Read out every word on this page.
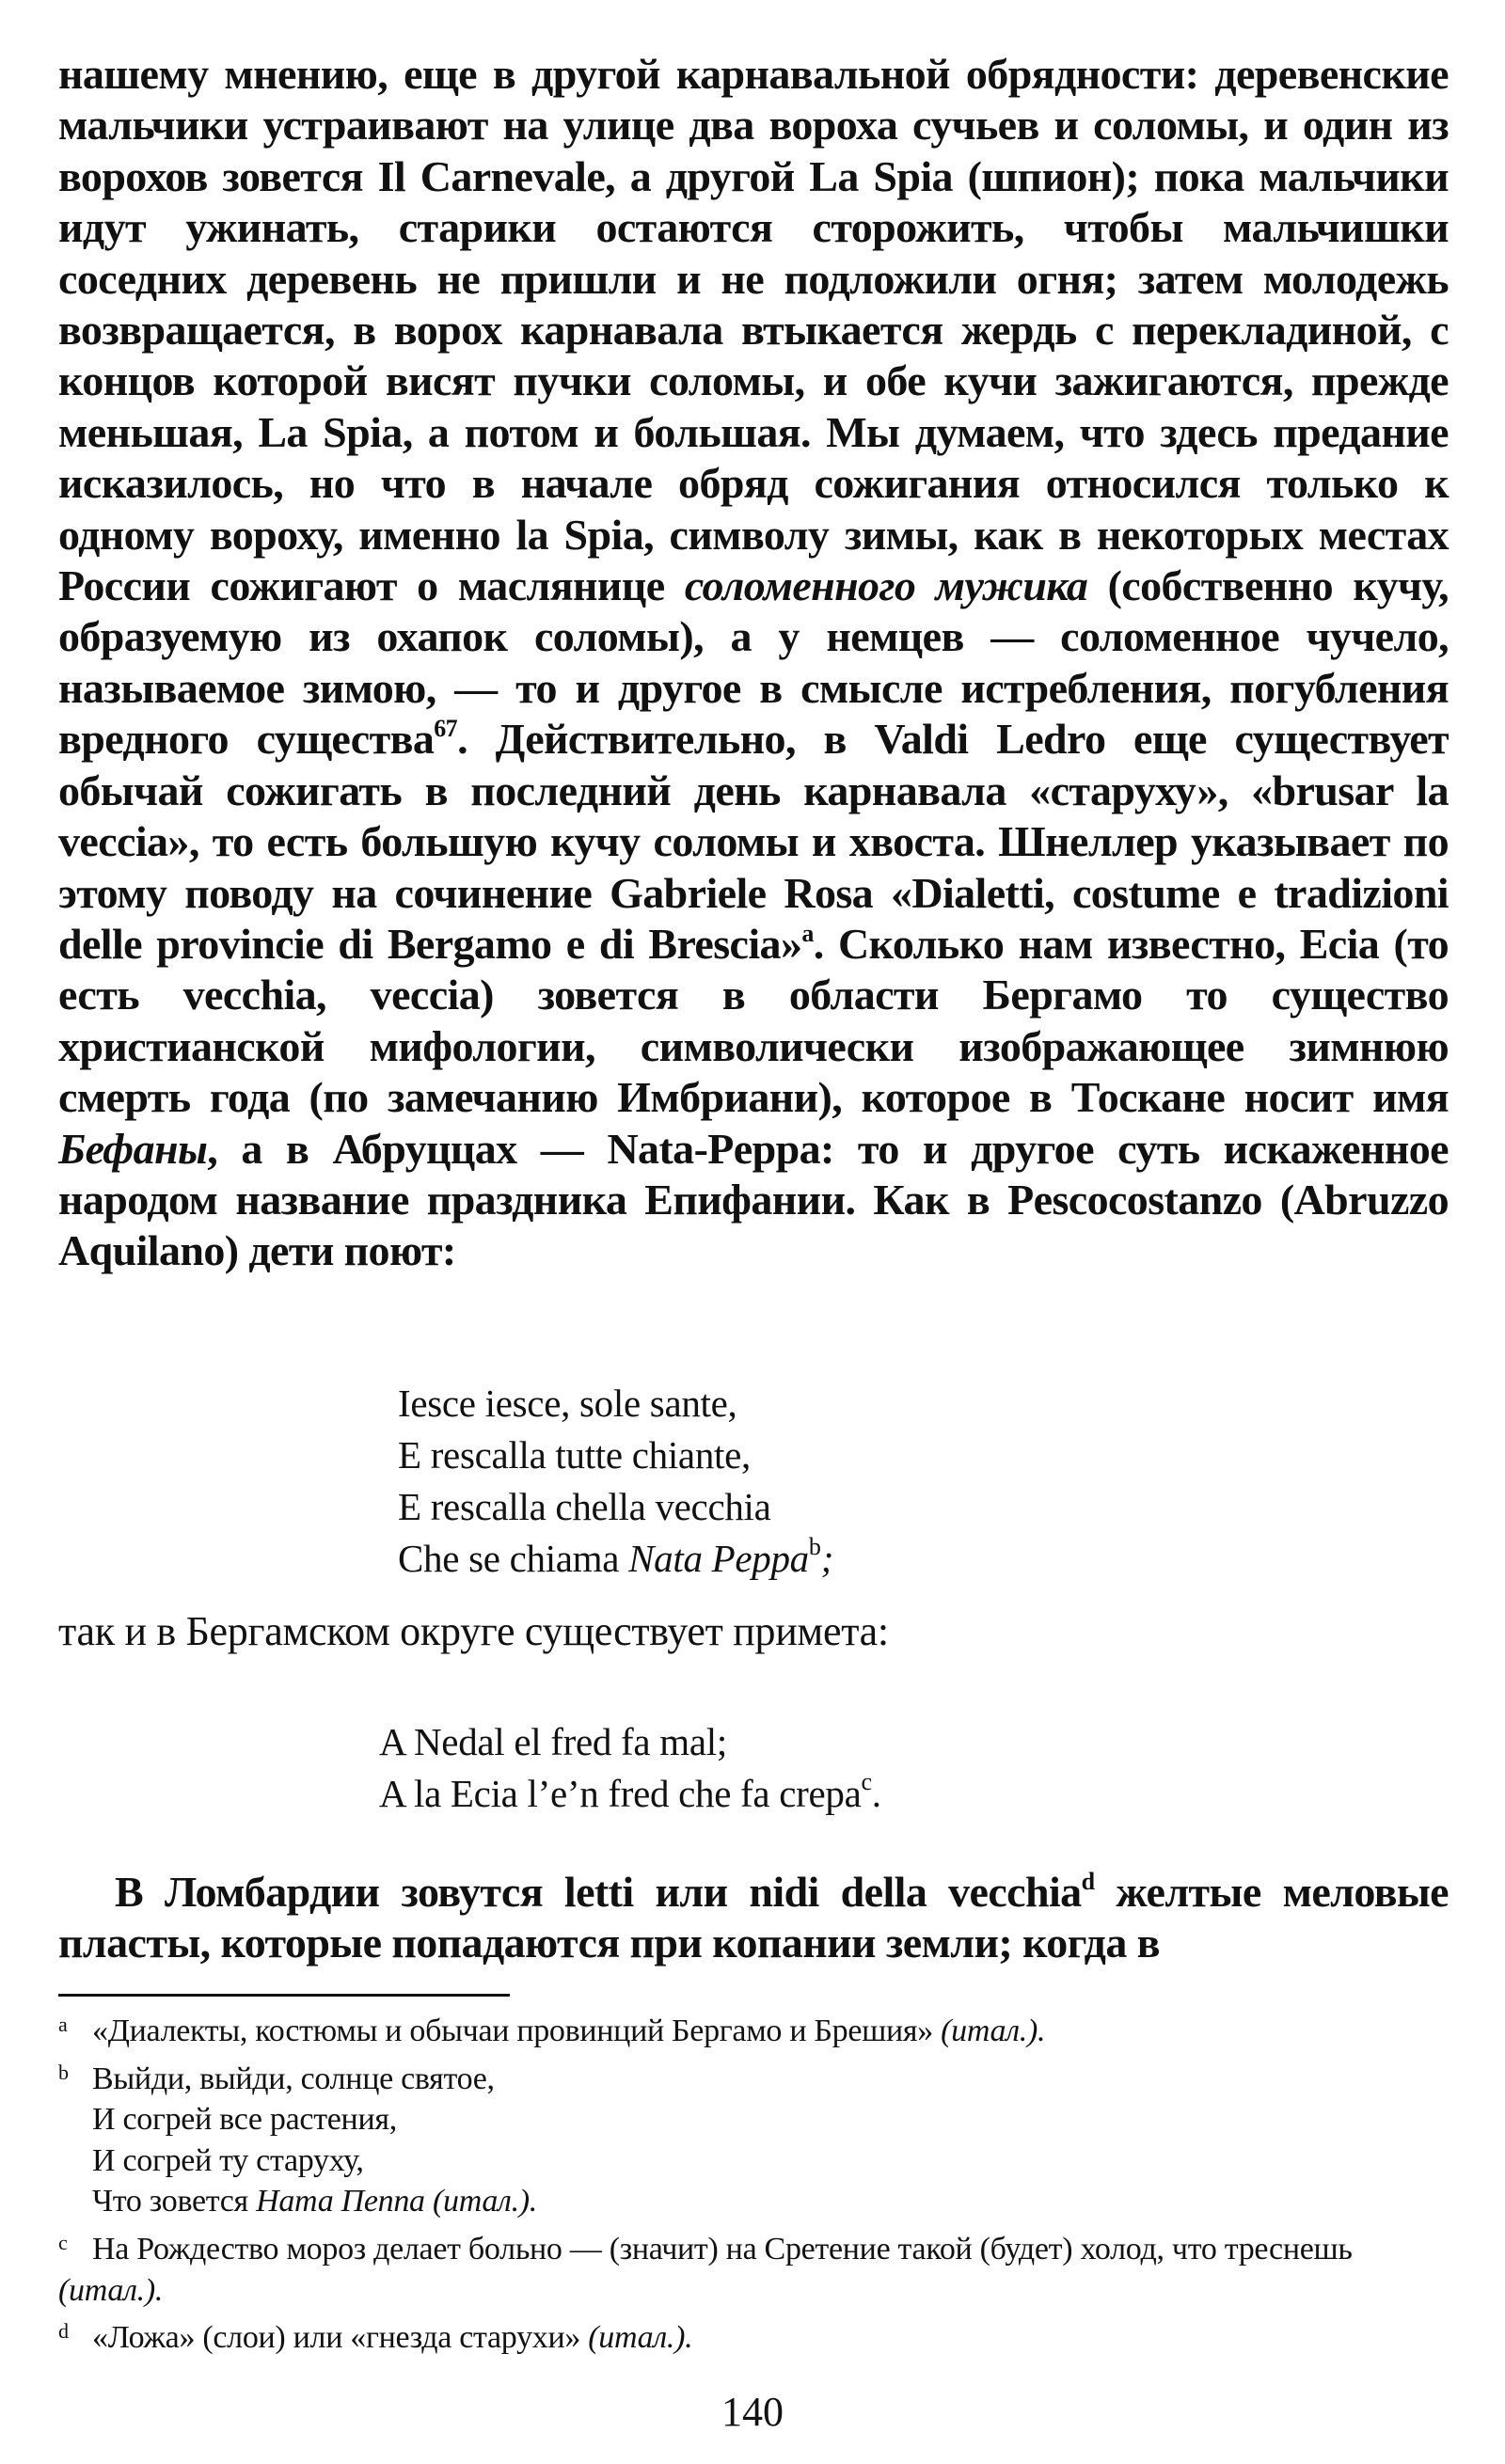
нашему мнению, еще в другой карнавальной обрядности: деревенские мальчики устраивают на улице два вороха сучьев и соломы, и один из ворохов зовется Il Carnevale, а другой La Spia (шпион); пока мальчики идут ужинать, старики остаются сторожить, чтобы мальчишки соседних деревень не пришли и не подложили огня; затем молодежь возвращается, в ворох карнавала втыкается жердь с перекладиной, с концов которой висят пучки соломы, и обе кучи зажигаются, прежде меньшая, La Spia, а потом и большая. Мы думаем, что здесь предание исказилось, но что в начале обряд сожигания относился только к одному вороху, именно la Spia, символу зимы, как в некоторых местах России сожигают о маслянице соломенного мужика (собственно кучу, образуемую из охапок соломы), а у немцев — соломенное чучело, называемое зимою, — то и другое в смысле истребления, погубления вредного существа$^{67}$. Действительно, в Valdi Ledro еще существует обычай сожигать в последний день карнавала «старуху», «brusar la veccia», то есть большую кучу соломы и хвоста. Шнеллер указывает по этому поводу на сочинение Gabriele Rosa «Dialetti, costume e tradizioni delle provincie di Bergamo e di Brescia»$^a$. Сколько нам известно, Ecia (то есть vecchia, veccia) зовется в области Бергамо то существо христианской мифологии, символически изображающее зимнюю смерть года (по замечанию Имбриани), которое в Тоскане носит имя Бефаны, а в Абруццах — Nata-Peppa: то и другое суть искаженное народом название праздника Епифании. Как в Pescocostanzo (Abruzzo Aquilano) дети поют:

Iesce iesce, sole sante,
E rescalla tutte chiante,
E rescalla chella vecchia
Che se chiama Nata Peppa$^b$;
так и в Бергамском округе существует примета:
A Nedal el fred fa mal;
A la Ecia l’e’n fred che fa crepa$^c$.

В Ломбардии зовутся letti или nidi della vecchia$^d$ желтые меловые пласты, которые попадаются при копании земли; когда в

a «Диалекты, костюмы и обычаи провинций Бергамо и Брешия» (итал.).
b Выйди, выйди, солнце святое,
И согрей все растения,
И согрей ту старуху,
Что зовется Ната Пеппа (итал.).
c На Рождество мороз делает больно — (значит) на Сретение такой (будет) холод, что треснешь (итал.).
d «Ложа» (слои) или «гнезда старухи» (итал.).
140
